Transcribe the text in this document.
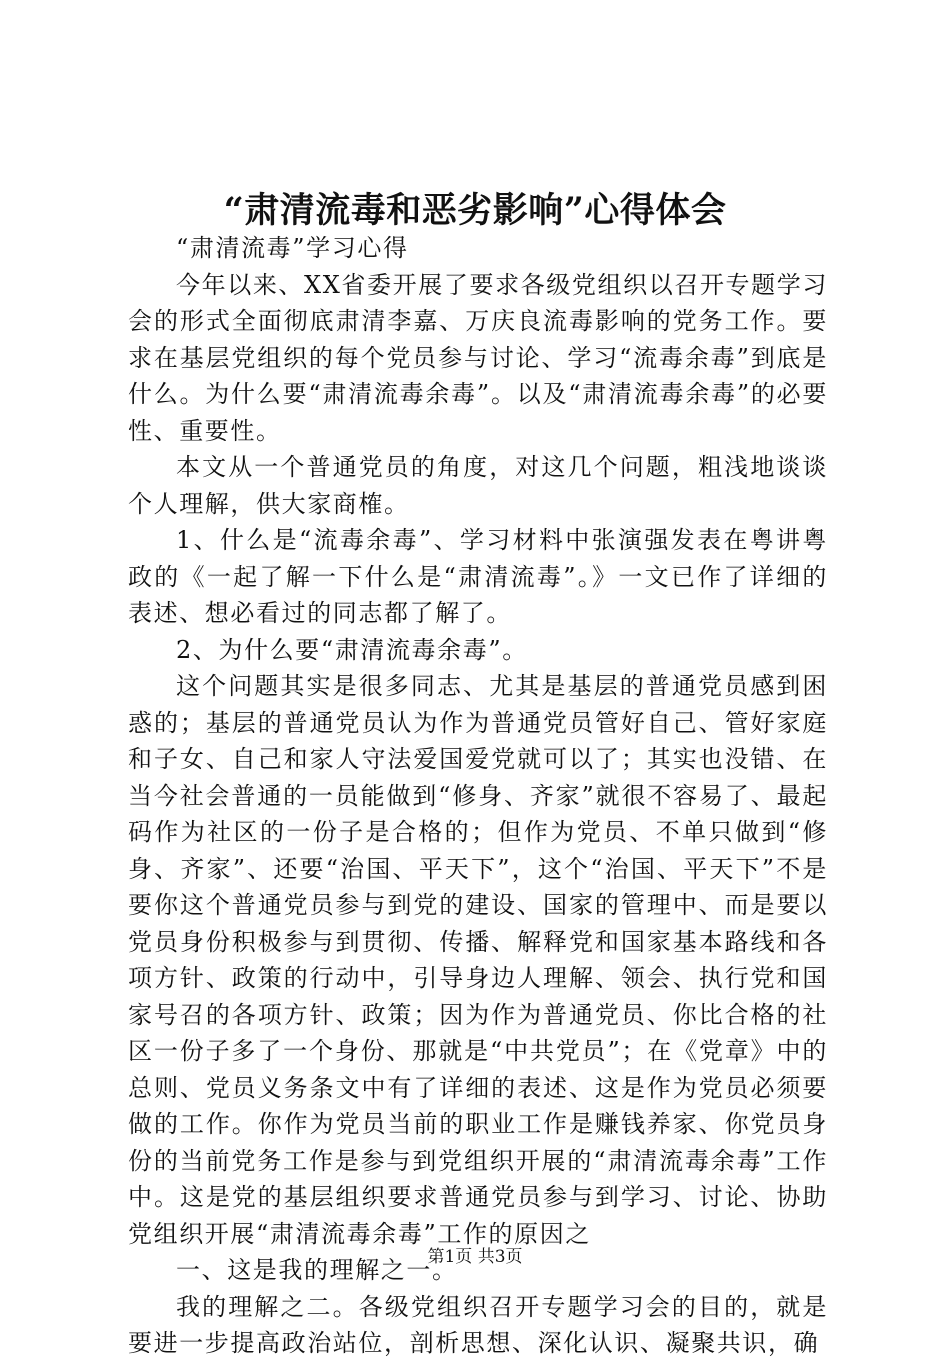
“肃清流毒和恶劣影响”心得体会

“肃清流毒”学习心得

今年以来、XX省委开展了要求各级党组织以召开专题学习会的形式全面彻底肃清李嘉、万庆良流毒影响的党务工作。要求在基层党组织的每个党员参与讨论、学习“流毒余毒”到底是什么。为什么要“肃清流毒余毒”。以及“肃清流毒余毒”的必要性、重要性。

本文从一个普通党员的角度，对这几个问题，粗浅地谈谈个人理解，供大家商榷。

1、什么是“流毒余毒”、学习材料中张演强发表在粤讲粤政的《一起了解一下什么是“肃清流毒”。》一文已作了详细的表述、想必看过的同志都了解了。

2、为什么要“肃清流毒余毒”。

这个问题其实是很多同志、尤其是基层的普通党员感到困惑的；基层的普通党员认为作为普通党员管好自己、管好家庭和子女、自己和家人守法爱国爱党就可以了；其实也没错、在当今社会普通的一员能做到“修身、齐家”就很不容易了、最起码作为社区的一份子是合格的；但作为党员、不单只做到“修身、齐家”、还要“治国、平天下”，这个“治国、平天下”不是要你这个普通党员参与到党的建设、国家的管理中、而是要以党员身份积极参与到贯彻、传播、解释党和国家基本路线和各项方针、政策的行动中，引导身边人理解、领会、执行党和国家号召的各项方针、政策；因为作为普通党员、你比合格的社区一份子多了一个身份、那就是“中共党员”；在《党章》中的总则、党员义务条文中有了详细的表述、这是作为党员必须要做的工作。你作为党员当前的职业工作是赚钱养家、你党员身份的当前党务工作是参与到党组织开展的“肃清流毒余毒”工作中。这是党的基层组织要求普通党员参与到学习、讨论、协助党组织开展“肃清流毒余毒”工作的原因之

一、这是我的理解之一。

我的理解之二。各级党组织召开专题学习会的目的，就是要进一步提高政治站位，剖析思想、深化认识、凝聚共识，确

第1页 共3页
